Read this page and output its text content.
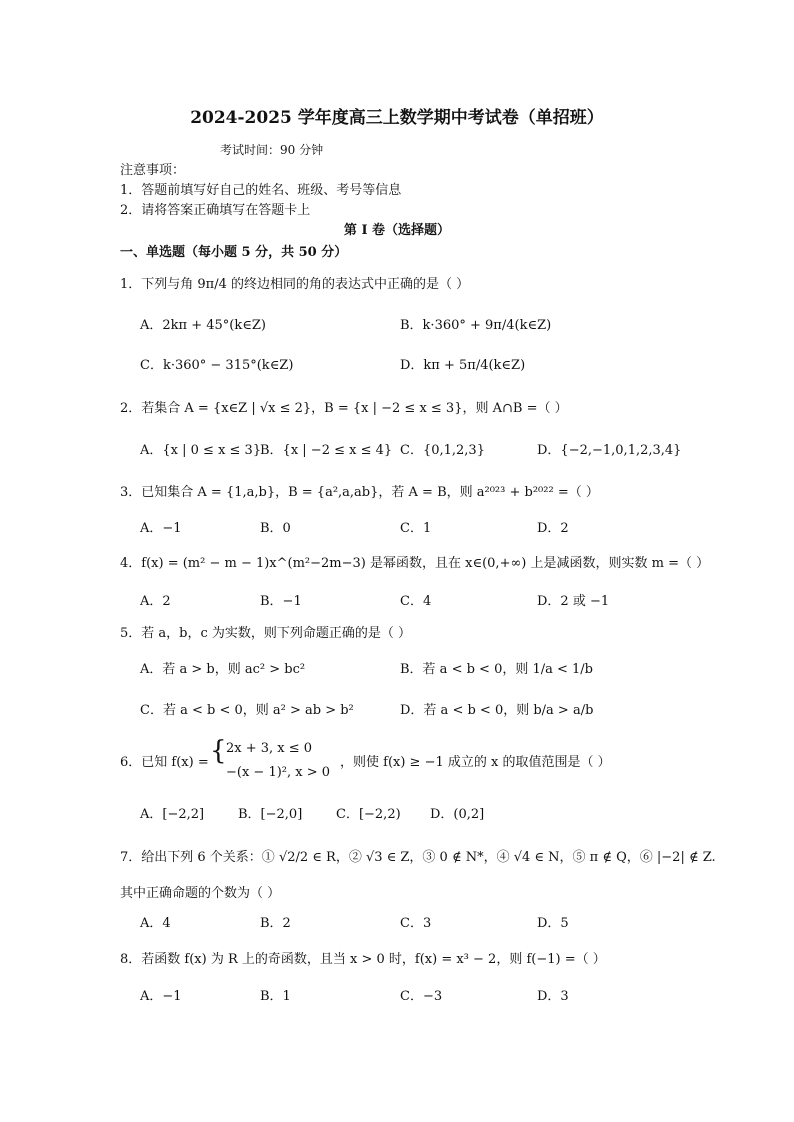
2024-2025 学年度高三上数学期中考试卷（单招班）
考试时间：90 分钟
注意事项：
1．答题前填写好自己的姓名、班级、考号等信息
2．请将答案正确填写在答题卡上
第 I 卷（选择题）
一、单选题（每小题 5 分，共 50 分）
1．下列与角 9π/4 的终边相同的角的表达式中正确的是（ ）
A．2kπ + 45°(k∈Z)	B．k·360° + 9π/4(k∈Z)
C．k·360° − 315°(k∈Z)	D．kπ + 5π/4(k∈Z)
2．若集合 A = {x∈Z | √x ≤ 2}，B = {x | −2 ≤ x ≤ 3}，则 A∩B =（ ）
A．{x | 0 ≤ x ≤ 3}
B．{x | −2 ≤ x ≤ 4} C．{0,1,2,3}	D．{−2,−1,0,1,2,3,4}
3．已知集合 A = {1,a,b}，B = {a²,a,ab}，若 A = B，则 a²⁰²³ + b²⁰²² =（ ）
A．−1	B．0	C．1	D．2
4．f(x) = (m² − m − 1)x^(m²−2m−3) 是幂函数，且在 x∈(0,+∞) 上是减函数，则实数 m =（ ）
A．2	B．−1	C．4	D．2 或 −1
5．若 a，b，c 为实数，则下列命题正确的是（ ）
A．若 a > b，则 ac² > bc²	B．若 a < b < 0，则 1/a < 1/b
C．若 a < b < 0，则 a² > ab > b²	D．若 a < b < 0，则 b/a > a/b
6．已知 f(x) = { 2x + 3, x ≤ 0
−(x − 1)², x > 0
，则使 f(x) ≥ −1 成立的 x 的取值范围是（ ）
A．[−2,2]	B．[−2,0]	C．[−2,2) D．(0,2]
7．给出下列 6 个关系：① √2/2 ∈ R，② √3 ∈ Z，③ 0 ∉ N*，④ √4 ∈ N，⑤ π ∉ Q，⑥ |−2| ∉ Z.
其中正确命题的个数为（ ）
A．4	B．2	C．3	D．5
8．若函数 f(x) 为 R 上的奇函数，且当 x > 0 时，f(x) = x³ − 2，则 f(−1) =（ ）
A．−1	B．1	C．−3	D．3
